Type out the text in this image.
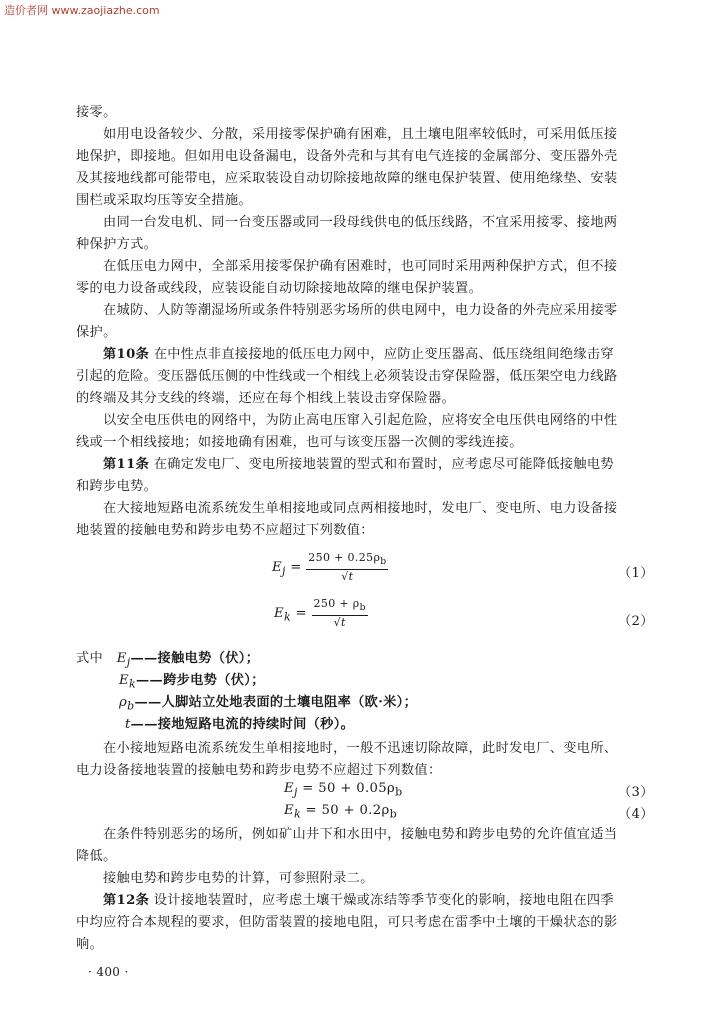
造价者网 www.zaojiazhe.com
接零。
如用电设备较少、分散，采用接零保护确有困难，且土壤电阻率较低时，可采用低压接
地保护，即接地。但如用电设备漏电，设备外壳和与其有电气连接的金属部分、变压器外壳
及其接地线都可能带电，应采取装设自动切除接地故障的继电保护装置、使用绝缘垫、安装
围栏或采取均压等安全措施。
由同一台发电机、同一台变压器或同一段母线供电的低压线路，不宜采用接零、接地两
种保护方式。
在低压电力网中，全部采用接零保护确有困难时，也可同时采用两种保护方式，但不接
零的电力设备或线段，应装设能自动切除接地故障的继电保护装置。
在城防、人防等潮湿场所或条件特别恶劣场所的供电网中，电力设备的外壳应采用接零
保护。
第10条 在中性点非直接接地的低压电力网中，应防止变压器高、低压绕组间绝缘击穿
引起的危险。变压器低压侧的中性线或一个相线上必须装设击穿保险器，低压架空电力线路
的终端及其分支线的终端，还应在每个相线上装设击穿保险器。
以安全电压供电的网络中，为防止高电压窜入引起危险，应将安全电压供电网络的中性
线或一个相线接地；如接地确有困难，也可与该变压器一次侧的零线连接。
第11条 在确定发电厂、变电所接地装置的型式和布置时，应考虑尽可能降低接触电势
和跨步电势。
在大接地短路电流系统发生单相接地或同点两相接地时，发电厂、变电所、电力设备接
地装置的接触电势和跨步电势不应超过下列数值：
$E_j = \frac{250 + 0.25\rho_b}{√t}$	（1）
$E_k = \frac{250 + \rho_b}{√t}$	（2）
式中 $E_j——$接触电势（伏）；
$E_k——$跨步电势（伏）；
$\rho_b——$人脚站立处地表面的土壤电阻率（欧·米）；
t——接地短路电流的持续时间（秒）。
在小接地短路电流系统发生单相接地时，一般不迅速切除故障，此时发电厂、变电所、
电力设备接地装置的接触电势和跨步电势不应超过下列数值：
$E_j = 50 + 0.05\rho_b$	（3）
$E_k = 50 + 0.2\rho_b$	（4）
在条件特别恶劣的场所，例如矿山井下和水田中，接触电势和跨步电势的允许值宜适当
降低。
接触电势和跨步电势的计算，可参照附录二。
第12条 设计接地装置时，应考虑土壤干燥或冻结等季节变化的影响，接地电阻在四季
中均应符合本规程的要求，但防雷装置的接地电阻，可只考虑在雷季中土壤的干燥状态的影
响。
· 400 ·
